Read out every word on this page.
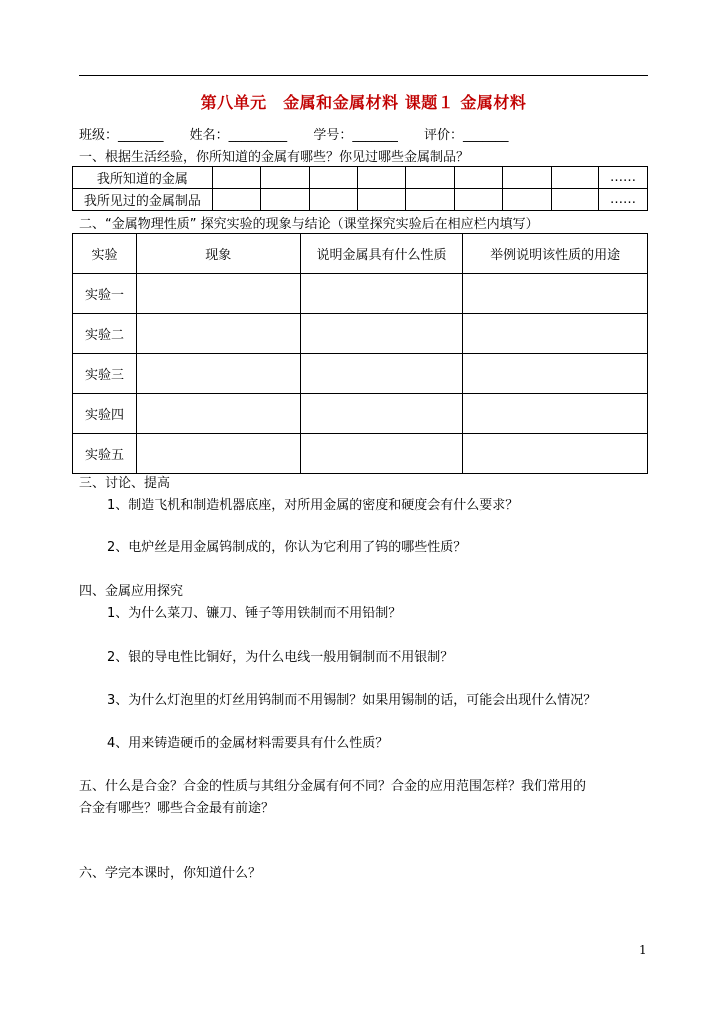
第八单元　金属和金属材料 课题１ 金属材料
班级：_______ 姓名：_________ 学号：_______ 评价：_______
一、根据生活经验，你所知道的金属有哪些？你见过哪些金属制品？
我所知道的金属									……
我所见过的金属制品									……
二、“金属物理性质” 探究实验的现象与结论（课堂探究实验后在相应栏内填写）
实验	现象	说明金属具有什么性质	举例说明该性质的用途
实验一			
实验二			
实验三			
实验四			
实验五			
三、讨论、提高
1、制造飞机和制造机器底座，对所用金属的密度和硬度会有什么要求？
2、电炉丝是用金属钨制成的，你认为它利用了钨的哪些性质？
四、金属应用探究
1、为什么菜刀、镰刀、锤子等用铁制而不用铅制？
2、银的导电性比铜好，为什么电线一般用铜制而不用银制？
3、为什么灯泡里的灯丝用钨制而不用锡制？如果用锡制的话，可能会出现什么情况？
4、用来铸造硬币的金属材料需要具有什么性质？
五、什么是合金？合金的性质与其组分金属有何不同？合金的应用范围怎样？我们常用的
合金有哪些？哪些合金最有前途？
六、学完本课时，你知道什么？
1
